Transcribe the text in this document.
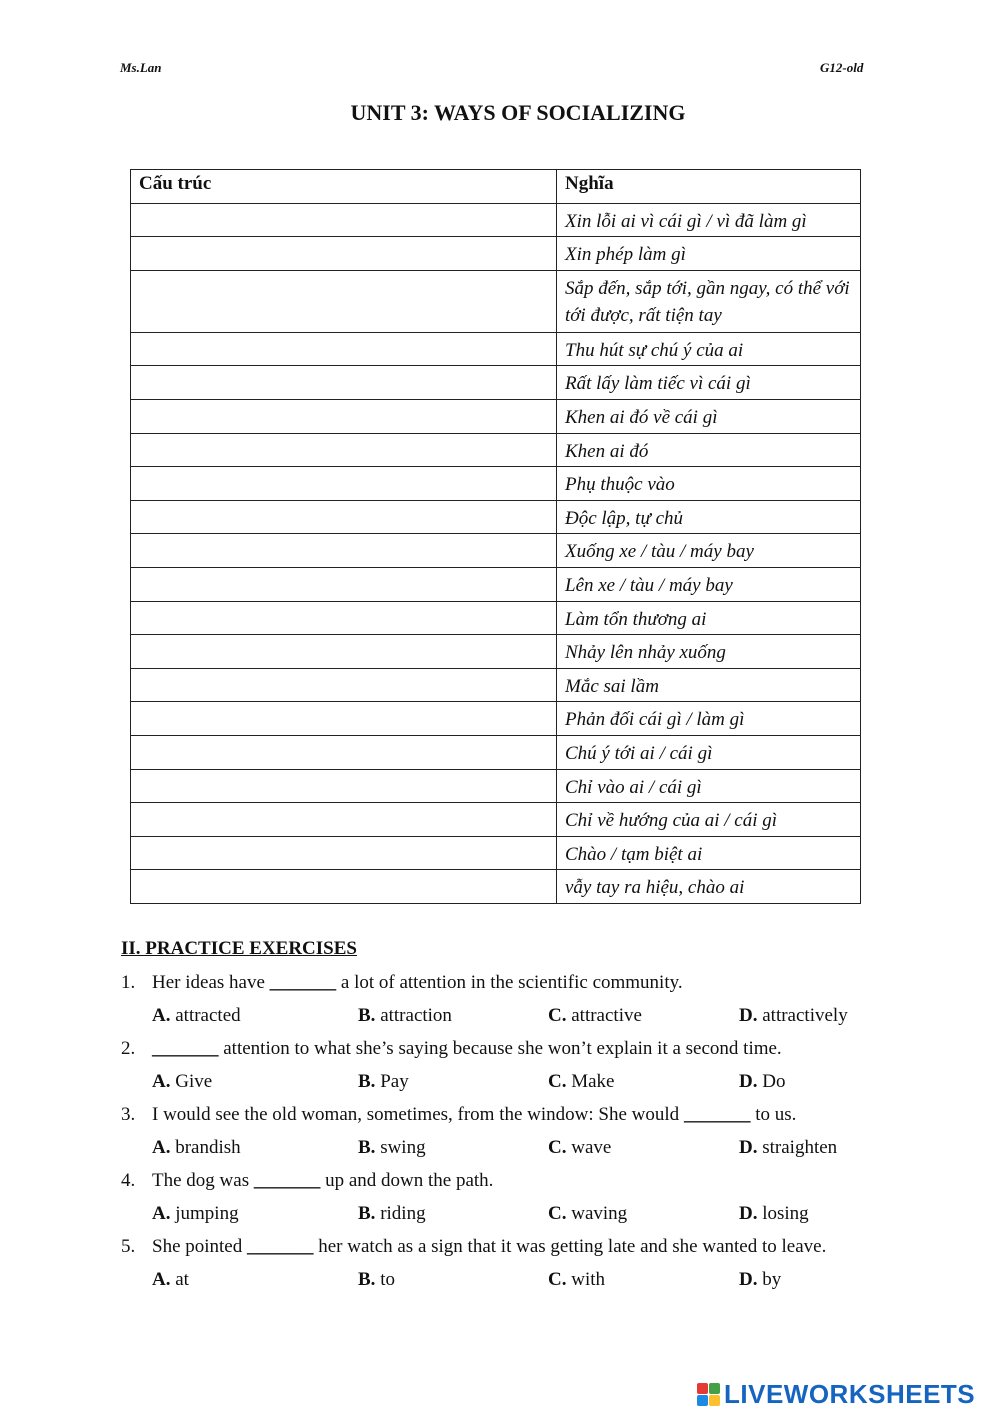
Ms.Lan	G12-old
UNIT 3: WAYS OF SOCIALIZING
Cấu trúc	Nghĩa
	Xin lỗi ai vì cái gì / vì đã làm gì
	Xin phép làm gì
	Sắp đến, sắp tới, gần ngay, có thể với tới được, rất tiện tay
	Thu hút sự chú ý của ai
	Rất lấy làm tiếc vì cái gì
	Khen ai đó về cái gì
	Khen ai đó
	Phụ thuộc vào
	Độc lập, tự chủ
	Xuống xe / tàu / máy bay
	Lên xe / tàu / máy bay
	Làm tổn thương ai
	Nhảy lên nhảy xuống
	Mắc sai lầm
	Phản đối cái gì / làm gì
	Chú ý tới ai / cái gì
	Chỉ vào ai / cái gì
	Chỉ về hướng của ai / cái gì
	Chào / tạm biệt ai
	vẫy tay ra hiệu, chào ai
II. PRACTICE EXERCISES
1. Her ideas have _______ a lot of attention in the scientific community.
A. attracted	B. attraction	C. attractive	D. attractively
2. _______ attention to what she’s saying because she won’t explain it a second time.
A. Give	B. Pay	C. Make	D. Do
3. I would see the old woman, sometimes, from the window: She would _______ to us.
A. brandish	B. swing	C. wave	D. straighten
4. The dog was _______ up and down the path.
A. jumping	B. riding	C. waving	D. losing
5. She pointed _______ her watch as a sign that it was getting late and she wanted to leave.
A. at	B. to	C. with	D. by
LIVEWORKSHEETS
